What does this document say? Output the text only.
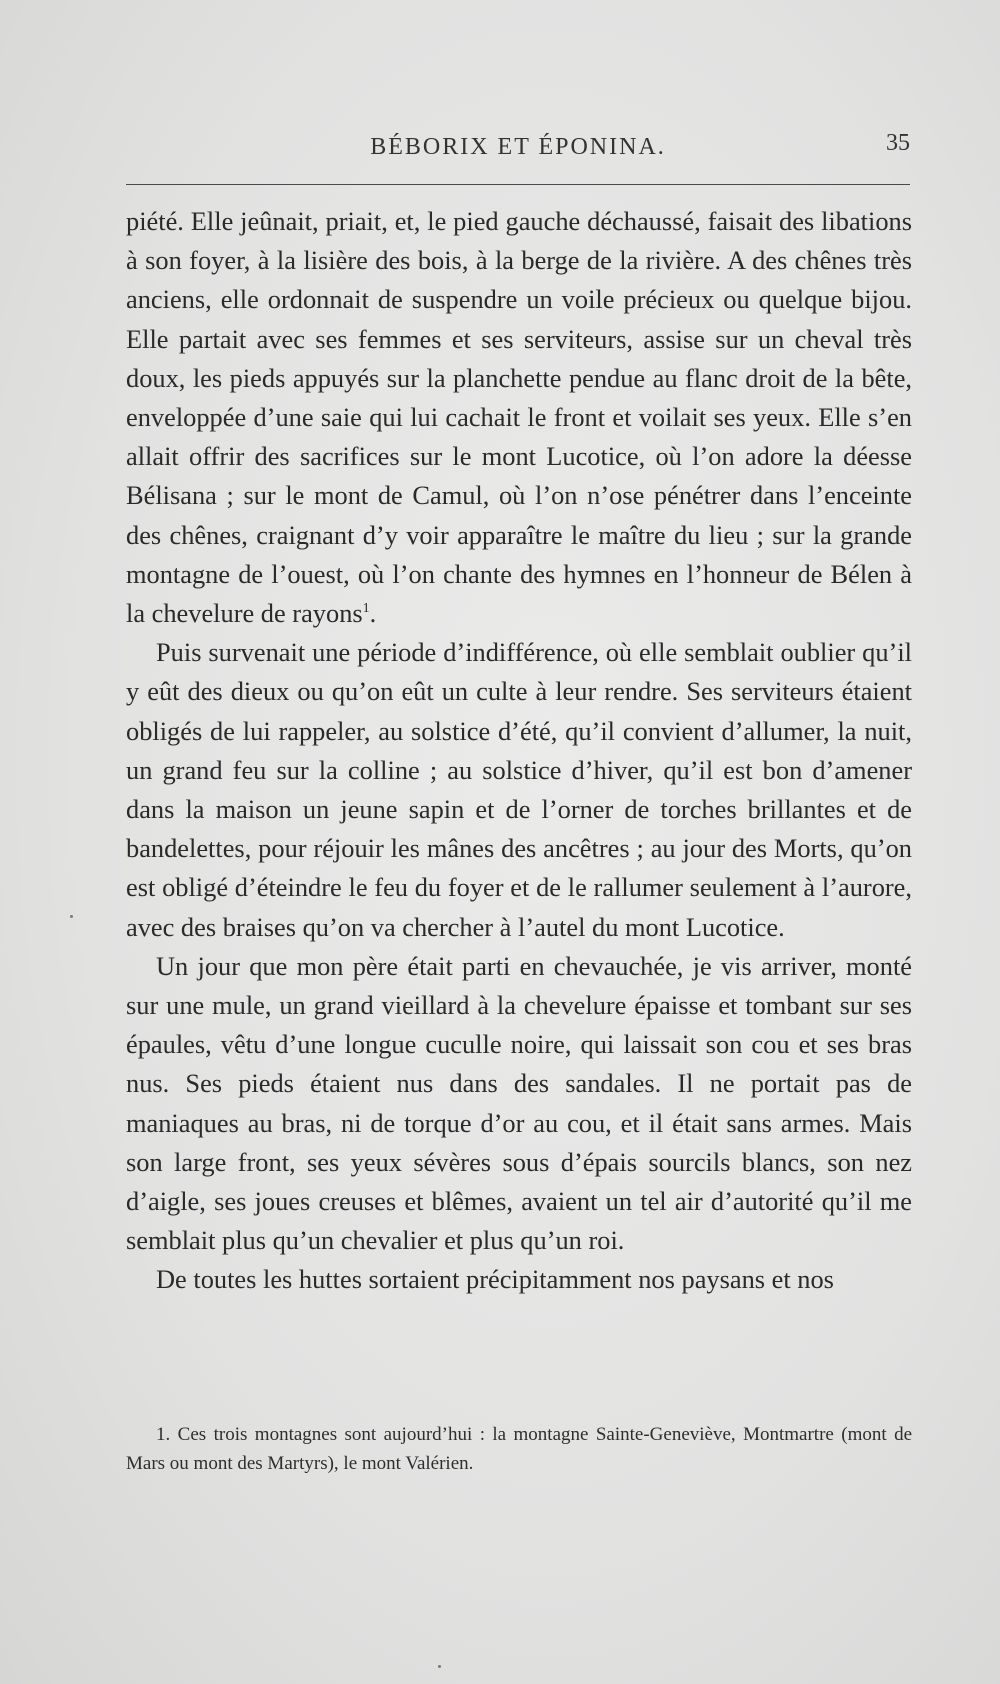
BÉBORIX ET ÉPONINA.	35

piété. Elle jeûnait, priait, et, le pied gauche déchaussé, faisait des libations à son foyer, à la lisière des bois, à la berge de la rivière. A des chênes très anciens, elle ordonnait de suspendre un voile précieux ou quelque bijou. Elle partait avec ses femmes et ses serviteurs, assise sur un cheval très doux, les pieds appuyés sur la planchette pendue au flanc droit de la bête, enveloppée d’une saie qui lui cachait le front et voilait ses yeux. Elle s’en allait offrir des sacrifices sur le mont Lucotice, où l’on adore la déesse Bélisana ; sur le mont de Camul, où l’on n’ose pénétrer dans l’enceinte des chênes, craignant d’y voir apparaître le maître du lieu ; sur la grande montagne de l’ouest, où l’on chante des hymnes en l’honneur de Bélen à la chevelure de rayons$^1$.

Puis survenait une période d’indifférence, où elle semblait oublier qu’il y eût des dieux ou qu’on eût un culte à leur rendre. Ses serviteurs étaient obligés de lui rappeler, au solstice d’été, qu’il convient d’allumer, la nuit, un grand feu sur la colline ; au solstice d’hiver, qu’il est bon d’amener dans la maison un jeune sapin et de l’orner de torches brillantes et de bandelettes, pour réjouir les mânes des ancêtres ; au jour des Morts, qu’on est obligé d’éteindre le feu du foyer et de le rallumer seulement à l’aurore, avec des braises qu’on va chercher à l’autel du mont Lucotice.

Un jour que mon père était parti en chevauchée, je vis arriver, monté sur une mule, un grand vieillard à la chevelure épaisse et tombant sur ses épaules, vêtu d’une longue cuculle noire, qui laissait son cou et ses bras nus. Ses pieds étaient nus dans des sandales. Il ne portait pas de maniaques au bras, ni de torque d’or au cou, et il était sans armes. Mais son large front, ses yeux sévères sous d’épais sourcils blancs, son nez d’aigle, ses joues creuses et blêmes, avaient un tel air d’autorité qu’il me semblait plus qu’un chevalier et plus qu’un roi.

De toutes les huttes sortaient précipitamment nos paysans et nos

1. Ces trois montagnes sont aujourd’hui : la montagne Sainte-Geneviève, Montmartre (mont de Mars ou mont des Martyrs), le mont Valérien.
